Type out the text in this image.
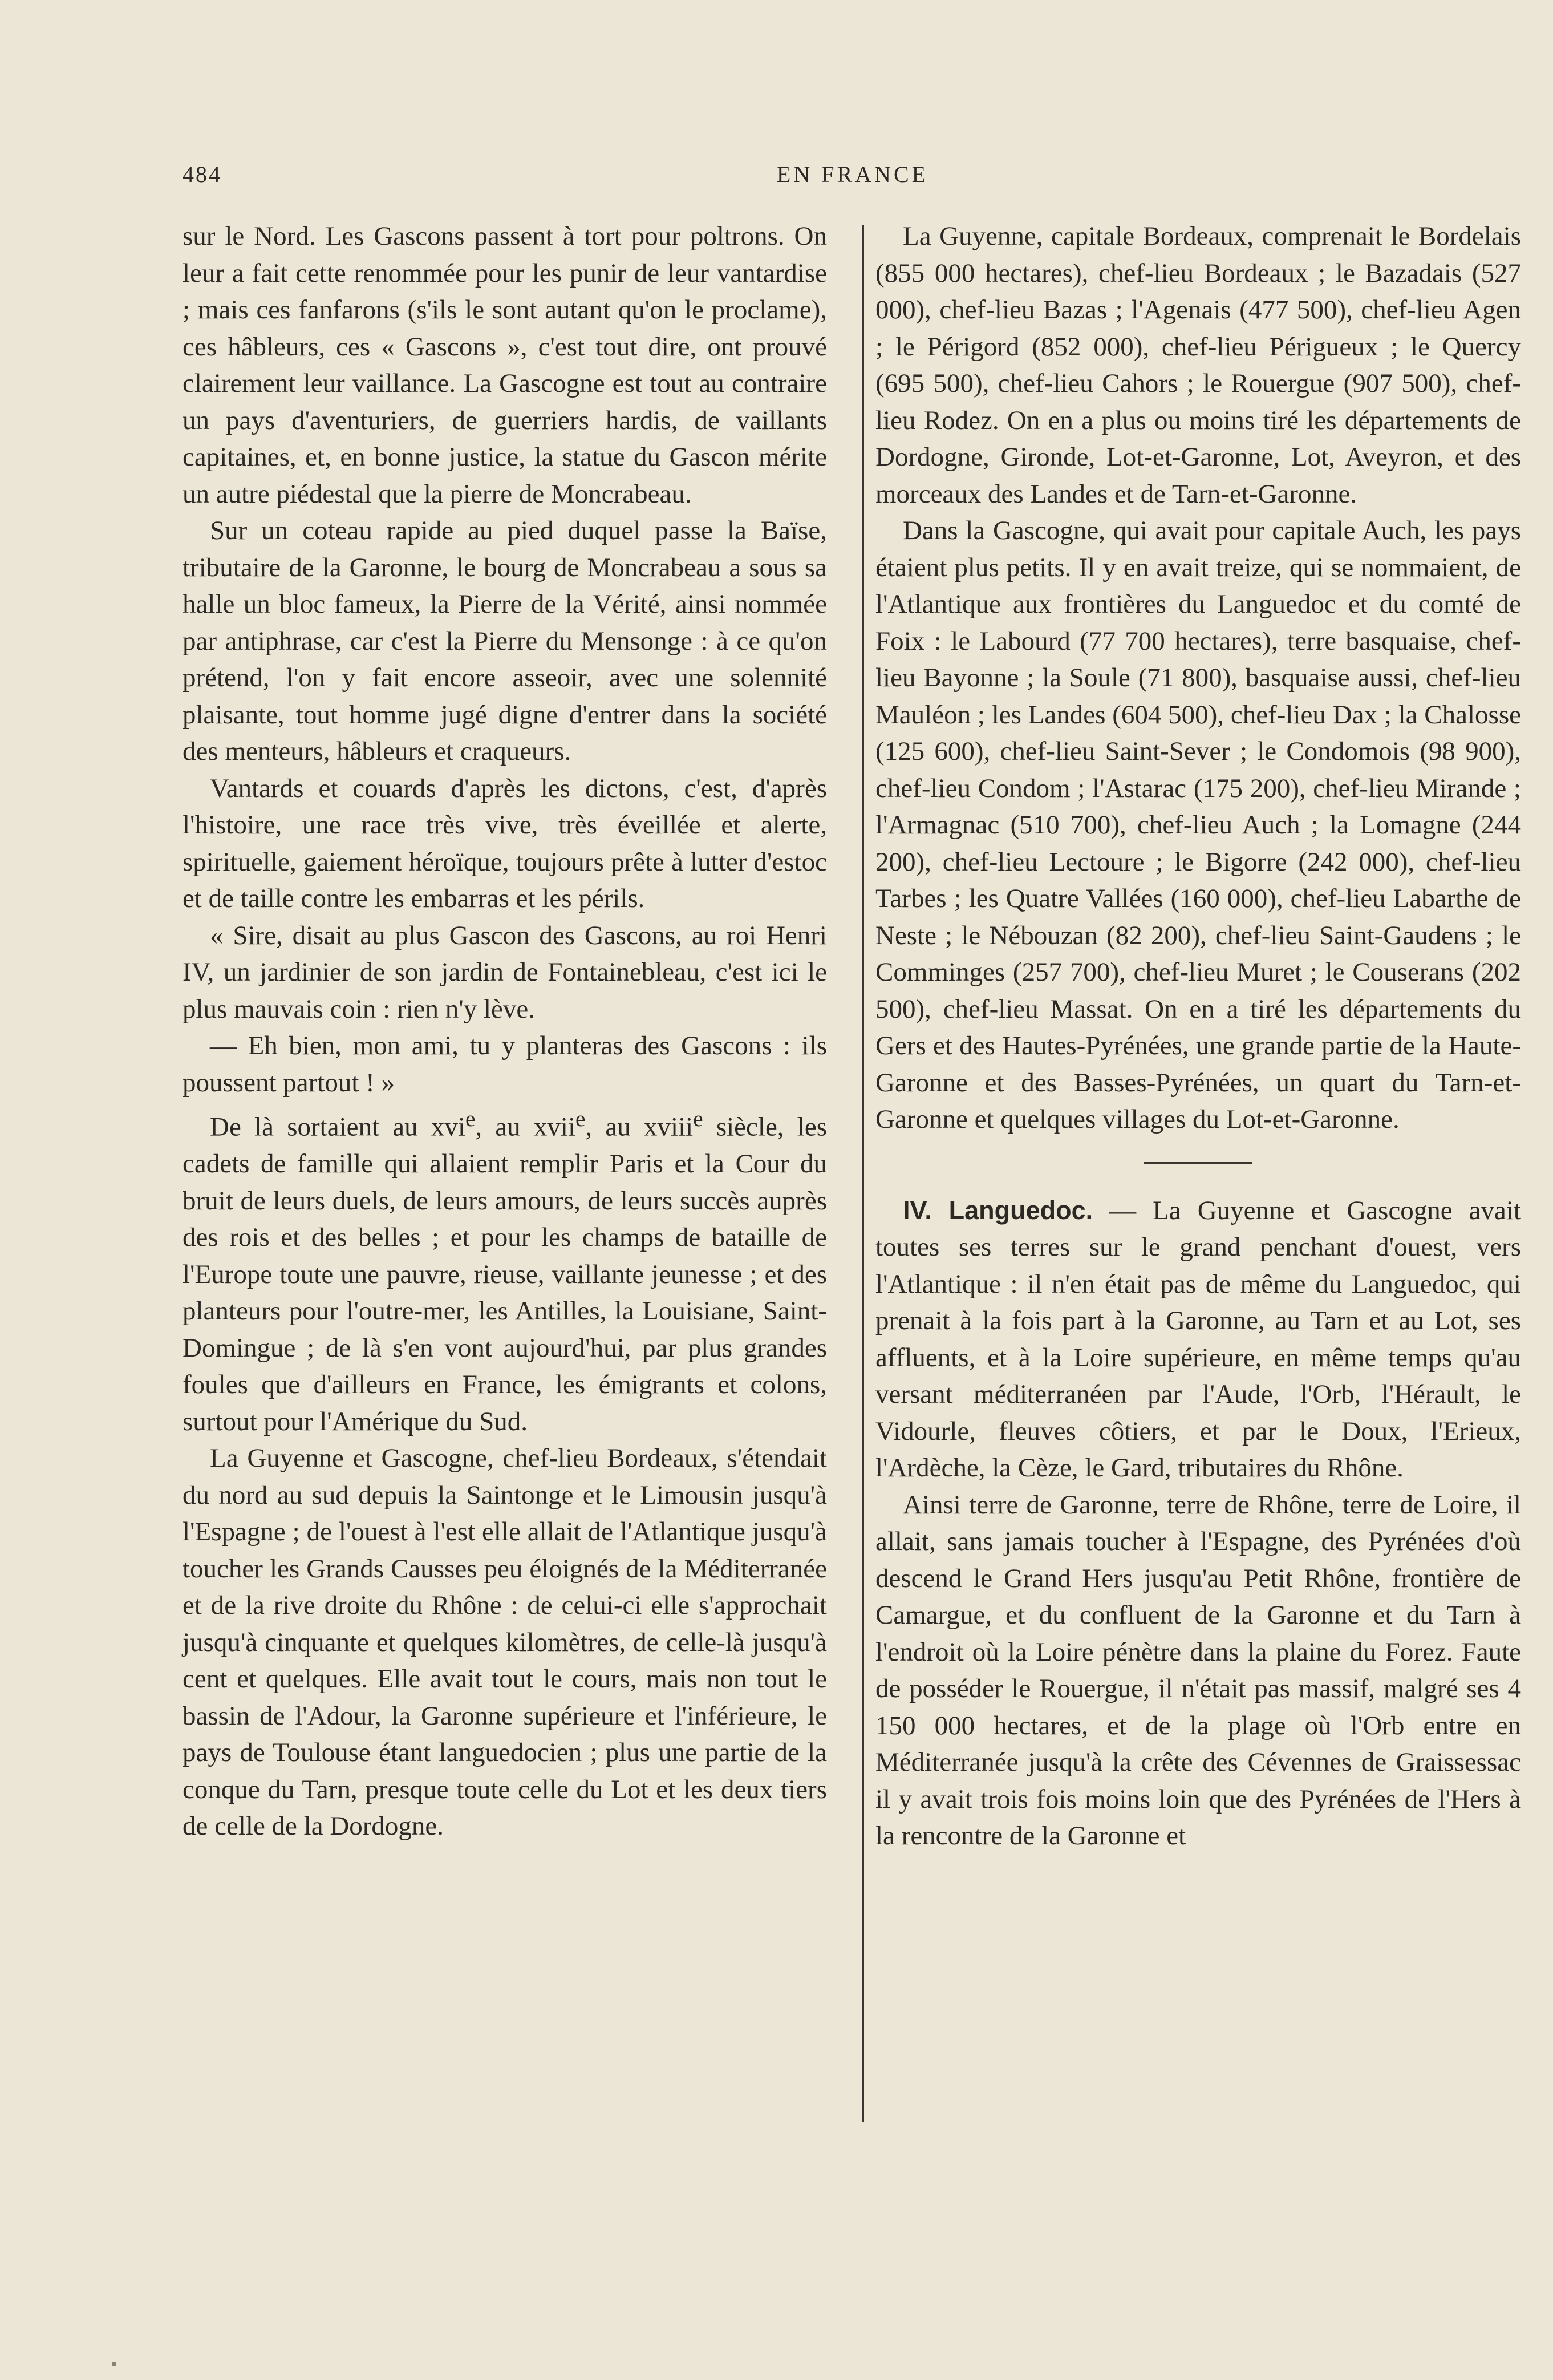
484	EN FRANCE

sur le Nord. Les Gascons passent à tort pour poltrons. On leur a fait cette renommée pour les punir de leur vantardise ; mais ces fanfarons (s'ils le sont autant qu'on le proclame), ces hâbleurs, ces « Gascons », c'est tout dire, ont prouvé clairement leur vaillance. La Gascogne est tout au contraire un pays d'aventuriers, de guerriers hardis, de vaillants capitaines, et, en bonne justice, la statue du Gascon mérite un autre piédestal que la pierre de Moncrabeau.

Sur un coteau rapide au pied duquel passe la Baïse, tributaire de la Garonne, le bourg de Moncrabeau a sous sa halle un bloc fameux, la Pierre de la Vérité, ainsi nommée par antiphrase, car c'est la Pierre du Mensonge : à ce qu'on prétend, l'on y fait encore asseoir, avec une solennité plaisante, tout homme jugé digne d'entrer dans la société des menteurs, hâbleurs et craqueurs.

Vantards et couards d'après les dictons, c'est, d'après l'histoire, une race très vive, très éveillée et alerte, spirituelle, gaiement héroïque, toujours prête à lutter d'estoc et de taille contre les embarras et les périls.

« Sire, disait au plus Gascon des Gascons, au roi Henri IV, un jardinier de son jardin de Fontainebleau, c'est ici le plus mauvais coin : rien n'y lève.

— Eh bien, mon ami, tu y planteras des Gascons : ils poussent partout ! »

De là sortaient au xvi$^e$, au xvii$^e$, au xviii$^e$ siècle, les cadets de famille qui allaient remplir Paris et la Cour du bruit de leurs duels, de leurs amours, de leurs succès auprès des rois et des belles ; et pour les champs de bataille de l'Europe toute une pauvre, rieuse, vaillante jeunesse ; et des planteurs pour l'outre-mer, les Antilles, la Louisiane, Saint-Domingue ; de là s'en vont aujourd'hui, par plus grandes foules que d'ailleurs en France, les émigrants et colons, surtout pour l'Amérique du Sud.

La Guyenne et Gascogne, chef-lieu Bordeaux, s'étendait du nord au sud depuis la Saintonge et le Limousin jusqu'à l'Espagne ; de l'ouest à l'est elle allait de l'Atlantique jusqu'à toucher les Grands Causses peu éloignés de la Méditerranée et de la rive droite du Rhône : de celui-ci elle s'approchait jusqu'à cinquante et quelques kilomètres, de celle-là jusqu'à cent et quelques. Elle avait tout le cours, mais non tout le bassin de l'Adour, la Garonne supérieure et l'inférieure, le pays de Toulouse étant languedocien ; plus une partie de la conque du Tarn, presque toute celle du Lot et les deux tiers de celle de la Dordogne.

La Guyenne, capitale Bordeaux, comprenait le Bordelais (855 000 hectares), chef-lieu Bordeaux ; le Bazadais (527 000), chef-lieu Bazas ; l'Agenais (477 500), chef-lieu Agen ; le Périgord (852 000), chef-lieu Périgueux ; le Quercy (695 500), chef-lieu Cahors ; le Rouergue (907 500), chef-lieu Rodez. On en a plus ou moins tiré les départements de Dordogne, Gironde, Lot-et-Garonne, Lot, Aveyron, et des morceaux des Landes et de Tarn-et-Garonne.

Dans la Gascogne, qui avait pour capitale Auch, les pays étaient plus petits. Il y en avait treize, qui se nommaient, de l'Atlantique aux frontières du Languedoc et du comté de Foix : le Labourd (77 700 hectares), terre basquaise, chef-lieu Bayonne ; la Soule (71 800), basquaise aussi, chef-lieu Mauléon ; les Landes (604 500), chef-lieu Dax ; la Chalosse (125 600), chef-lieu Saint-Sever ; le Condomois (98 900), chef-lieu Condom ; l'Astarac (175 200), chef-lieu Mirande ; l'Armagnac (510 700), chef-lieu Auch ; la Lomagne (244 200), chef-lieu Lectoure ; le Bigorre (242 000), chef-lieu Tarbes ; les Quatre Vallées (160 000), chef-lieu Labarthe de Neste ; le Nébouzan (82 200), chef-lieu Saint-Gaudens ; le Comminges (257 700), chef-lieu Muret ; le Couserans (202 500), chef-lieu Massat. On en a tiré les départements du Gers et des Hautes-Pyrénées, une grande partie de la Haute-Garonne et des Basses-Pyrénées, un quart du Tarn-et-Garonne et quelques villages du Lot-et-Garonne.

IV. Languedoc. — La Guyenne et Gascogne avait toutes ses terres sur le grand penchant d'ouest, vers l'Atlantique : il n'en était pas de même du Languedoc, qui prenait à la fois part à la Garonne, au Tarn et au Lot, ses affluents, et à la Loire supérieure, en même temps qu'au versant méditerranéen par l'Aude, l'Orb, l'Hérault, le Vidourle, fleuves côtiers, et par le Doux, l'Erieux, l'Ardèche, la Cèze, le Gard, tributaires du Rhône.

Ainsi terre de Garonne, terre de Rhône, terre de Loire, il allait, sans jamais toucher à l'Espagne, des Pyrénées d'où descend le Grand Hers jusqu'au Petit Rhône, frontière de Camargue, et du confluent de la Garonne et du Tarn à l'endroit où la Loire pénètre dans la plaine du Forez. Faute de posséder le Rouergue, il n'était pas massif, malgré ses 4 150 000 hectares, et de la plage où l'Orb entre en Méditerranée jusqu'à la crête des Cévennes de Graissessac il y avait trois fois moins loin que des Pyrénées de l'Hers à la rencontre de la Garonne et
